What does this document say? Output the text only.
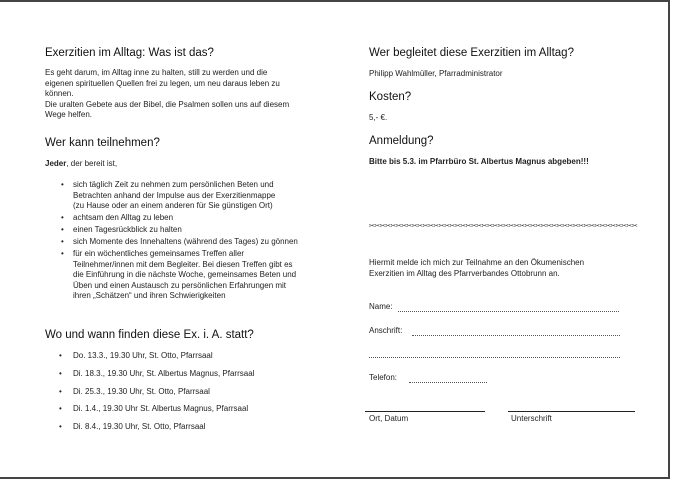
Exerzitien im Alltag: Was ist das?
Es geht darum, im Alltag inne zu halten, still zu werden und die
eigenen spirituellen Quellen frei zu legen, um neu daraus leben zu
können.
Die uralten Gebete aus der Bibel, die Psalmen sollen uns auf diesem
Wege helfen.
Wer kann teilnehmen?
Jeder, der bereit ist,
• sich täglich Zeit zu nehmen zum persönlichen Beten und
Betrachten anhand der Impulse aus der Exerzitienmappe
(zu Hause oder an einem anderen für Sie günstigen Ort)
• achtsam den Alltag zu leben
• einen Tagesrückblick zu halten
• sich Momente des Innehaltens (während des Tages) zu gönnen
• für ein wöchentliches gemeinsames Treffen aller
Teilnehmer/innen mit dem Begleiter. Bei diesen Treffen gibt es
die Einführung in die nächste Woche, gemeinsames Beten und
Üben und einen Austausch zu persönlichen Erfahrungen mit
ihren „Schätzen“ und ihren Schwierigkeiten
Wo und wann finden diese Ex. i. A. statt?
• Do. 13.3., 19.30 Uhr, St. Otto, Pfarrsaal
• Di. 18.3., 19.30 Uhr, St. Albertus Magnus, Pfarrsaal
• Di. 25.3., 19.30 Uhr, St. Otto, Pfarrsaal
• Di. 1.4., 19.30 Uhr St. Albertus Magnus, Pfarrsaal
• Di. 8.4., 19.30 Uhr, St. Otto, Pfarrsaal
Wer begleitet diese Exerzitien im Alltag?
Philipp Wahlmüller, Pfarradministrator
Kosten?
5,- €.
Anmeldung?
Bitte bis 5.3. im Pfarrbüro St. Albertus Magnus abgeben!!!
✂✂✂✂✂✂✂✂✂✂✂✂✂✂✂✂✂✂✂✂✂✂✂✂✂✂✂✂✂✂✂✂✂✂✂✂✂✂✂✂✂✂✂✂✂✂✂✂✂✂
Hiermit melde ich mich zur Teilnahme an den Ökumenischen
Exerzitien im Alltag des Pfarrverbandes Ottobrunn an.
Name:
Anschrift:
Telefon:
Ort, Datum	Unterschrift
